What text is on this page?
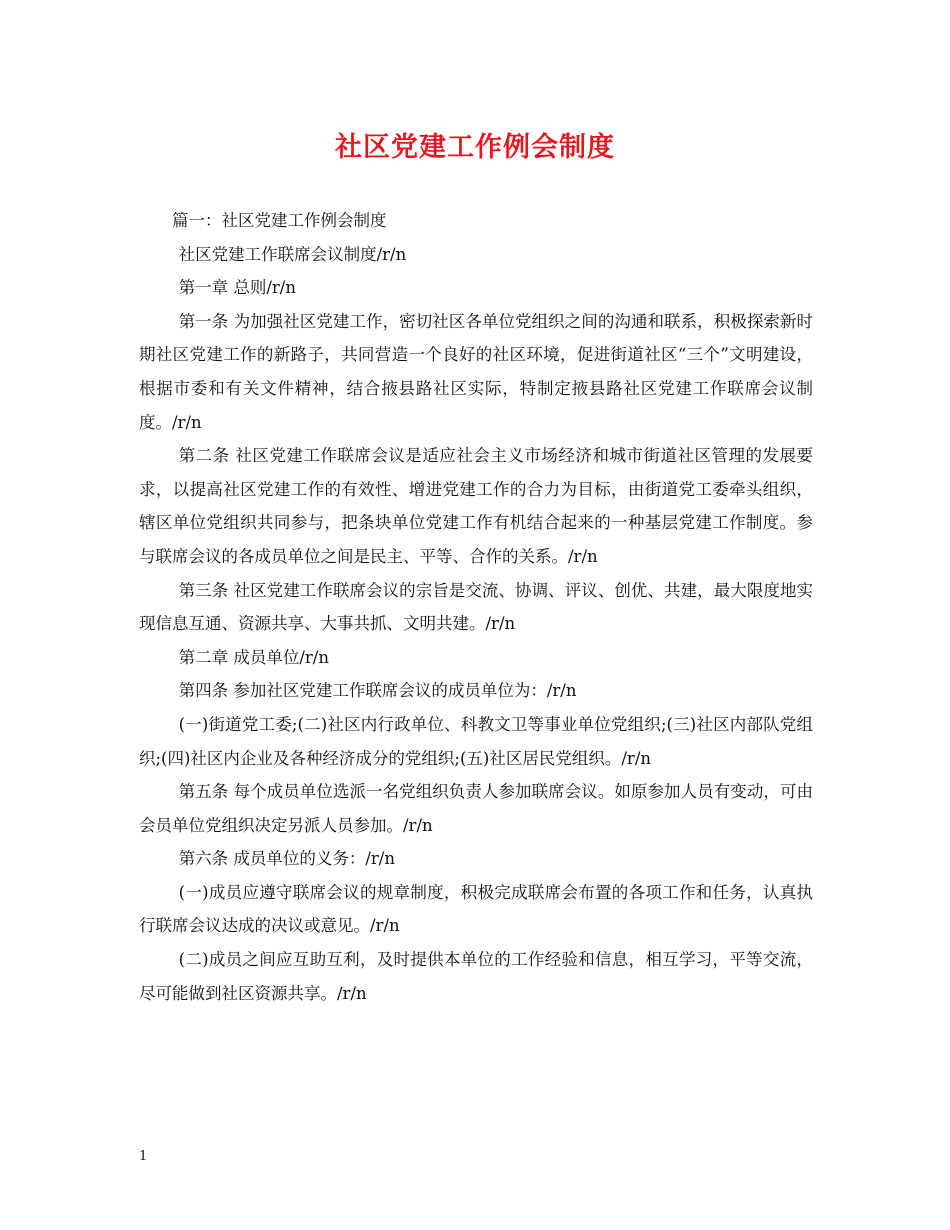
社区党建工作例会制度

篇一：社区党建工作例会制度

社区党建工作联席会议制度/r/n

第一章 总则/r/n

第一条 为加强社区党建工作，密切社区各单位党组织之间的沟通和联系，积极探索新时期社区党建工作的新路子，共同营造一个良好的社区环境，促进街道社区“三个”文明建设，根据市委和有关文件精神，结合掖县路社区实际，特制定掖县路社区党建工作联席会议制度。/r/n

第二条 社区党建工作联席会议是适应社会主义市场经济和城市街道社区管理的发展要求，以提高社区党建工作的有效性、增进党建工作的合力为目标，由街道党工委牵头组织，辖区单位党组织共同参与，把条块单位党建工作有机结合起来的一种基层党建工作制度。参与联席会议的各成员单位之间是民主、平等、合作的关系。/r/n

第三条 社区党建工作联席会议的宗旨是交流、协调、评议、创优、共建，最大限度地实现信息互通、资源共享、大事共抓、文明共建。/r/n

第二章 成员单位/r/n

第四条 参加社区党建工作联席会议的成员单位为：/r/n

(一)街道党工委;(二)社区内行政单位、科教文卫等事业单位党组织;(三)社区内部队党组织;(四)社区内企业及各种经济成分的党组织;(五)社区居民党组织。/r/n

第五条 每个成员单位选派一名党组织负责人参加联席会议。如原参加人员有变动，可由会员单位党组织决定另派人员参加。/r/n

第六条 成员单位的义务：/r/n

(一)成员应遵守联席会议的规章制度，积极完成联席会布置的各项工作和任务，认真执行联席会议达成的决议或意见。/r/n

(二)成员之间应互助互利，及时提供本单位的工作经验和信息，相互学习，平等交流，尽可能做到社区资源共享。/r/n

1
